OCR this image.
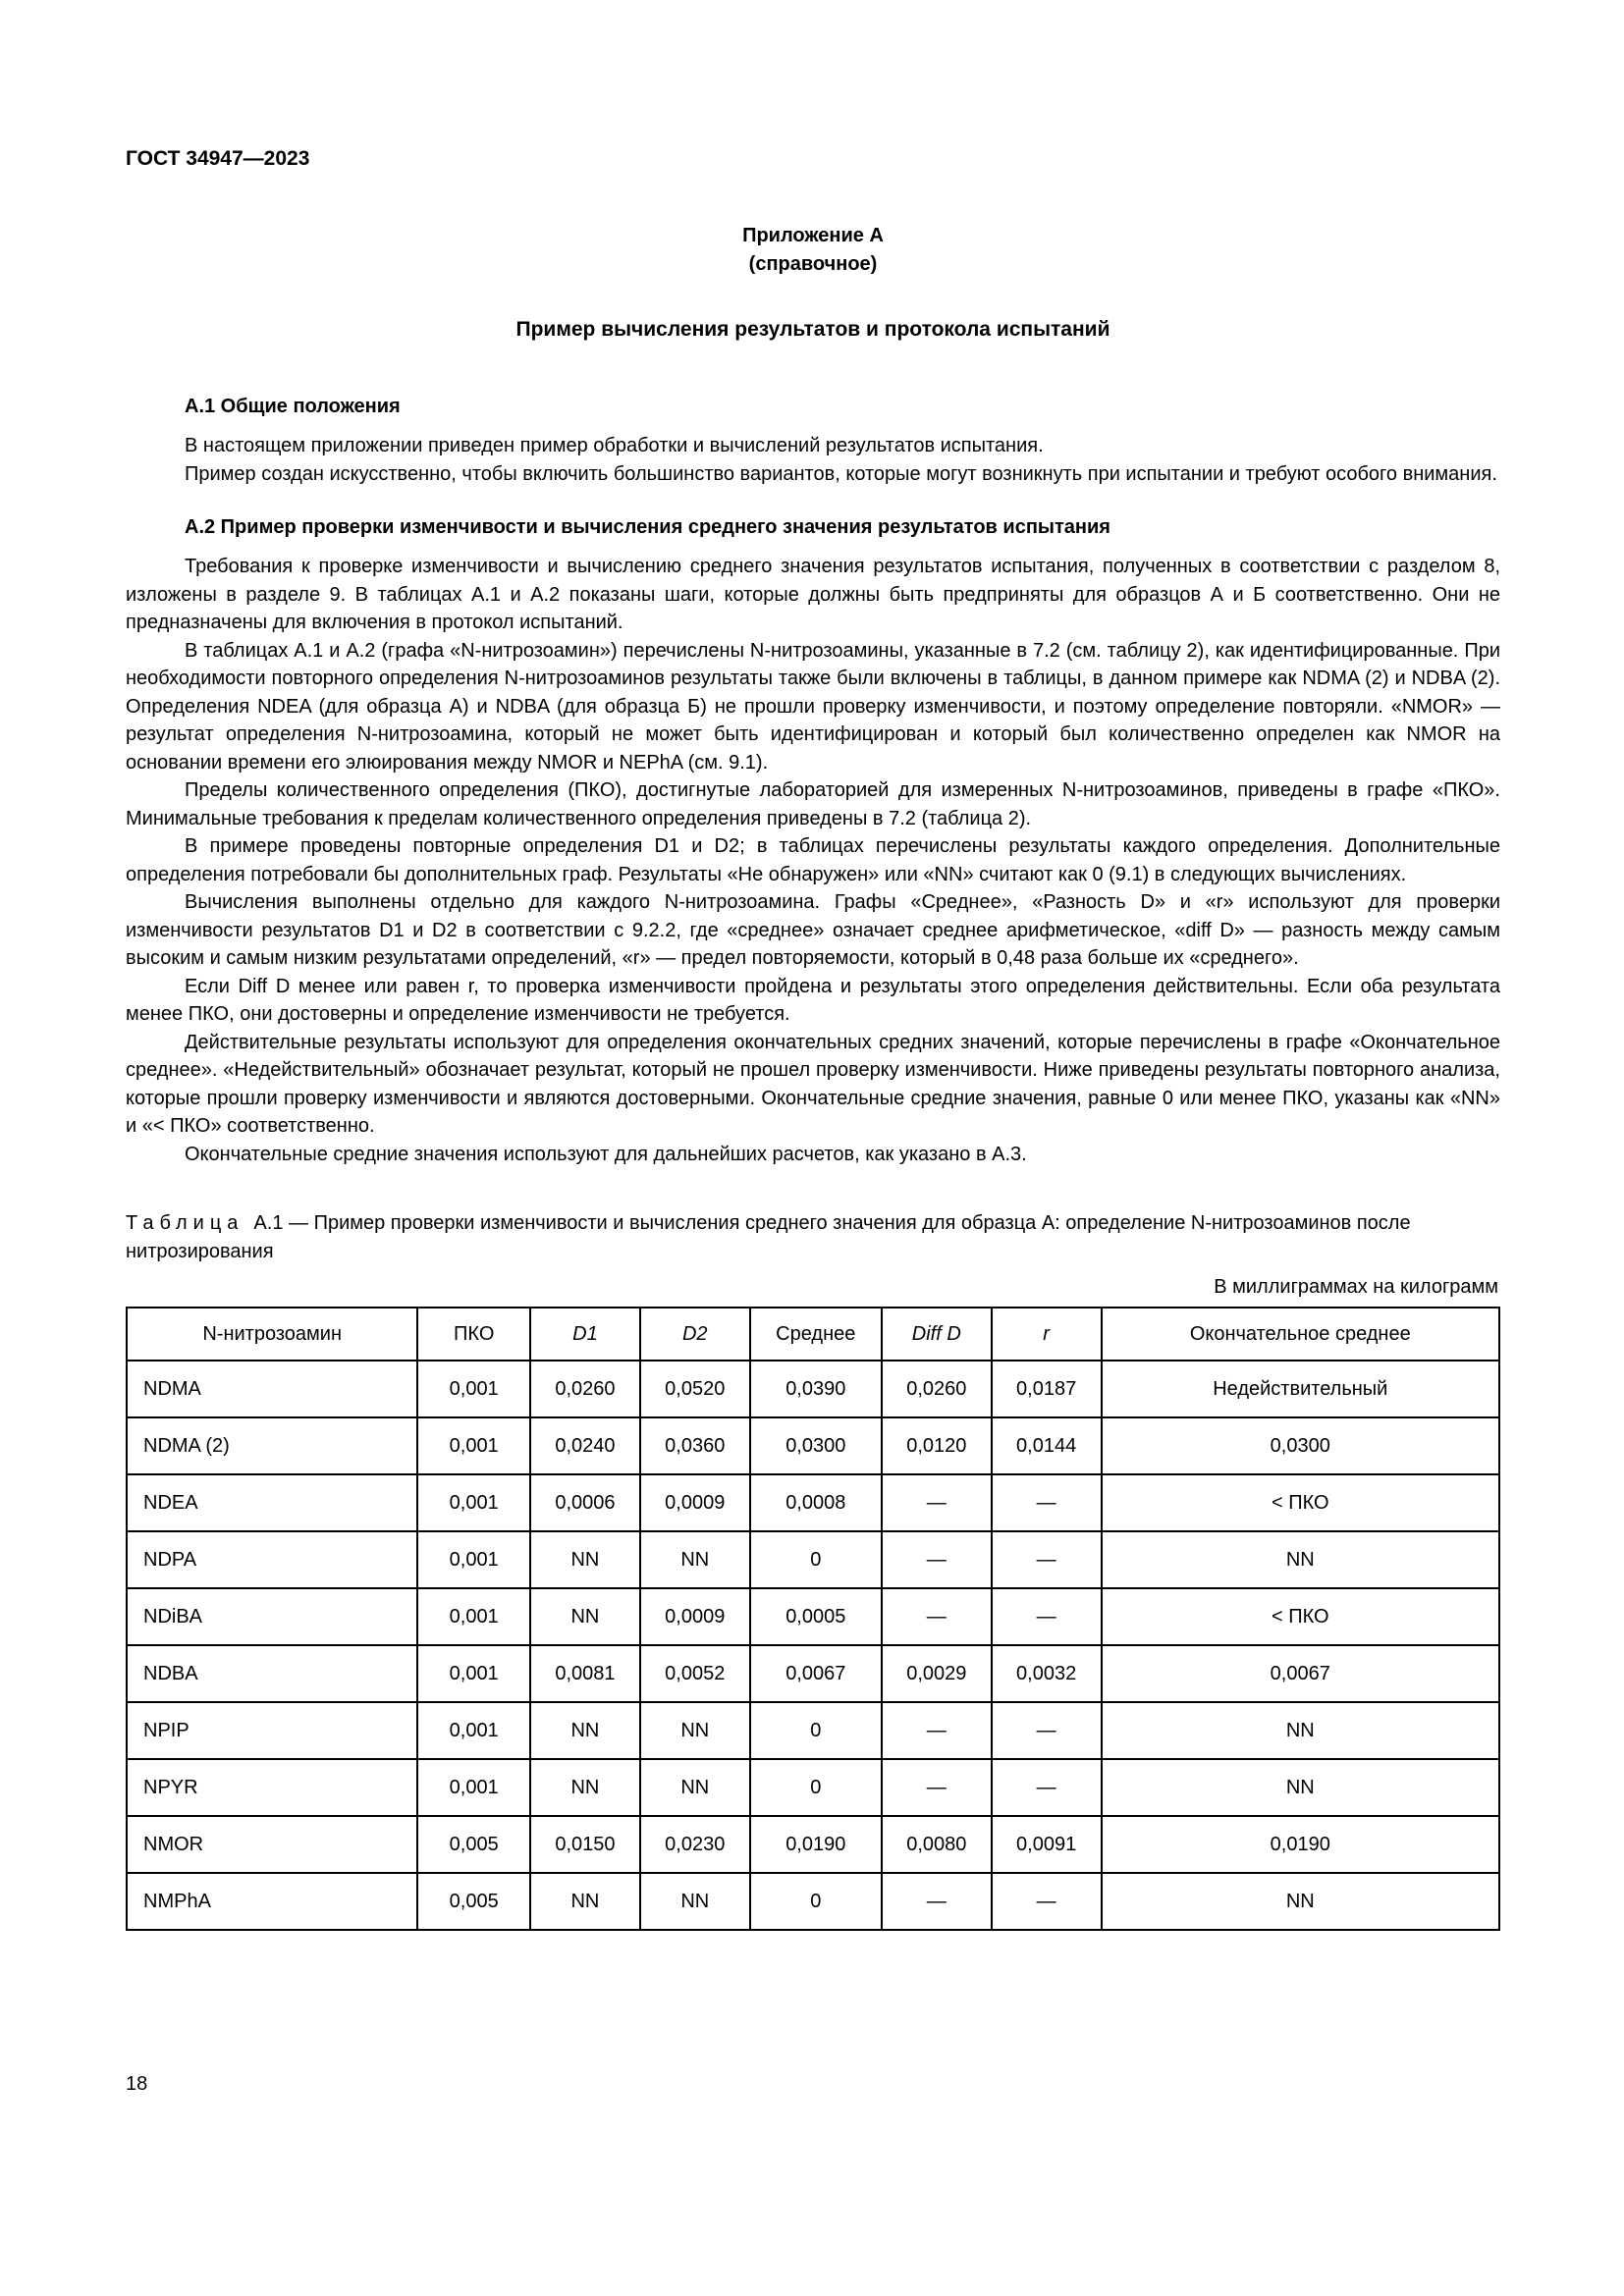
ГОСТ 34947—2023
Приложение А
(справочное)
Пример вычисления результатов и протокола испытаний
А.1 Общие положения

В настоящем приложении приведен пример обработки и вычислений результатов испытания.

Пример создан искусственно, чтобы включить большинство вариантов, которые могут возникнуть при испытании и требуют особого внимания.

А.2 Пример проверки изменчивости и вычисления среднего значения результатов испытания

Требования к проверке изменчивости и вычислению среднего значения результатов испытания, полученных в соответствии с разделом 8, изложены в разделе 9. В таблицах А.1 и А.2 показаны шаги, которые должны быть предприняты для образцов А и Б соответственно. Они не предназначены для включения в протокол испытаний.

В таблицах А.1 и А.2 (графа «N-нитрозоамин») перечислены N-нитрозоамины, указанные в 7.2 (см. таблицу 2), как идентифицированные. При необходимости повторного определения N-нитрозоаминов результаты также были включены в таблицы, в данном примере как NDMA (2) и NDBA (2). Определения NDEA (для образца А) и NDBA (для образца Б) не прошли проверку изменчивости, и поэтому определение повторяли. «NMOR» — результат определения N-нитрозоамина, который не может быть идентифицирован и который был количественно определен как NMOR на основании времени его элюирования между NMOR и NEPhA (см. 9.1).

Пределы количественного определения (ПКО), достигнутые лабораторией для измеренных N-нитрозоаминов, приведены в графе «ПКО». Минимальные требования к пределам количественного определения приведены в 7.2 (таблица 2).

В примере проведены повторные определения D1 и D2; в таблицах перечислены результаты каждого определения. Дополнительные определения потребовали бы дополнительных граф. Результаты «Не обнаружен» или «NN» считают как 0 (9.1) в следующих вычислениях.

Вычисления выполнены отдельно для каждого N-нитрозоамина. Графы «Среднее», «Разность D» и «r» используют для проверки изменчивости результатов D1 и D2 в соответствии с 9.2.2, где «среднее» означает среднее арифметическое, «diff D» — разность между самым высоким и самым низким результатами определений, «r» — предел повторяемости, который в 0,48 раза больше их «среднего».

Если Diff D менее или равен r, то проверка изменчивости пройдена и результаты этого определения действительны. Если оба результата менее ПКО, они достоверны и определение изменчивости не требуется.

Действительные результаты используют для определения окончательных средних значений, которые перечислены в графе «Окончательное среднее». «Недействительный» обозначает результат, который не прошел проверку изменчивости. Ниже приведены результаты повторного анализа, которые прошли проверку изменчивости и являются достоверными. Окончательные средние значения, равные 0 или менее ПКО, указаны как «NN» и «< ПКО» соответственно.

Окончательные средние значения используют для дальнейших расчетов, как указано в А.3.

Таблица А.1 — Пример проверки изменчивости и вычисления среднего значения для образца А: определение N-нитрозоаминов после нитрозирования

В миллиграммах на килограмм
N-нитрозоамин	ПКО	D1	D2	Среднее	Diff D	r	Окончательное среднее
NDMA	0,001	0,0260	0,0520	0,0390	0,0260	0,0187	Недействительный
NDMA (2)	0,001	0,0240	0,0360	0,0300	0,0120	0,0144	0,0300
NDEA	0,001	0,0006	0,0009	0,0008	—	—	< ПКО
NDPA	0,001	NN	NN	0	—	—	NN
NDiBA	0,001	NN	0,0009	0,0005	—	—	< ПКО
NDBA	0,001	0,0081	0,0052	0,0067	0,0029	0,0032	0,0067
NPIP	0,001	NN	NN	0	—	—	NN
NPYR	0,001	NN	NN	0	—	—	NN
NMOR	0,005	0,0150	0,0230	0,0190	0,0080	0,0091	0,0190
NMPhA	0,005	NN	NN	0	—	—	NN
18
